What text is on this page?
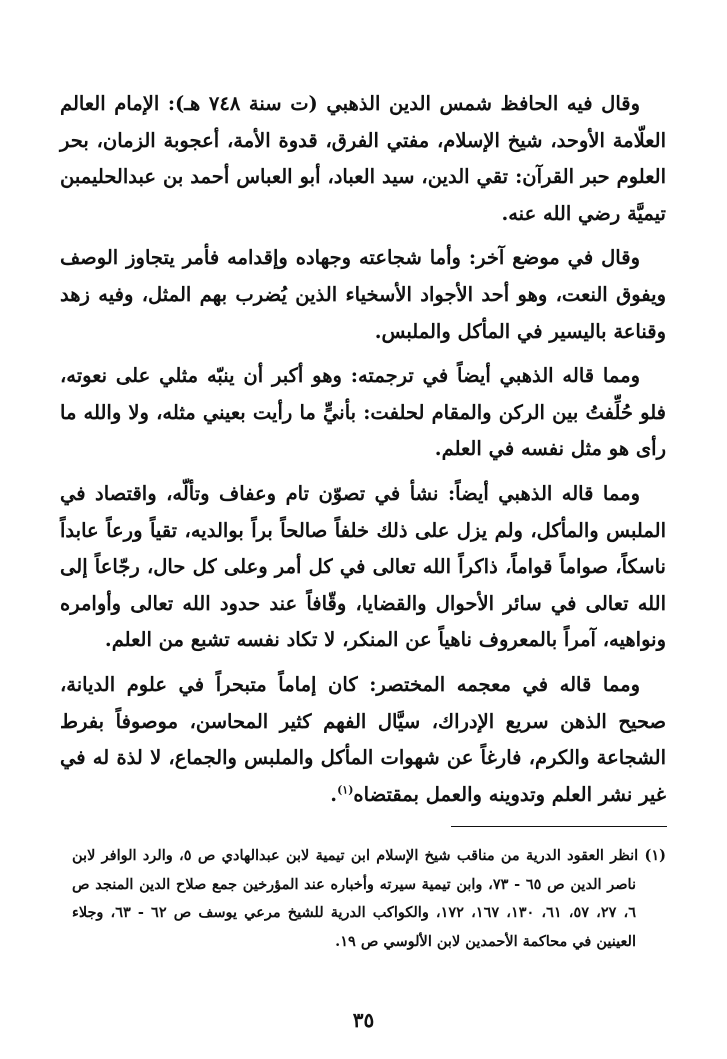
وقال فيه الحافظ شمس الدين الذهبي (ت سنة ٧٤٨ هـ): الإمام العالم العلّامة الأوحد، شيخ الإسلام، مفتي الفرق، قدوة الأمة، أعجوبة الزمان، بحر العلوم حبر القرآن: تقي الدين، سيد العباد، أبو العباس أحمد بن عبدالحليمبن تيميَّة رضي الله عنه.

وقال في موضع آخر: وأما شجاعته وجهاده وإقدامه فأمر يتجاوز الوصف ويفوق النعت، وهو أحد الأجواد الأسخياء الذين يُضرب بهم المثل، وفيه زهد وقناعة باليسير في المأكل والملبس.

ومما قاله الذهبي أيضاً في ترجمته: وهو أكبر أن ينبّه مثلي على نعوته، فلو حُلِّفتُ بين الركن والمقام لحلفت: بأنيٍّ ما رأيت بعيني مثله، ولا والله ما رأى هو مثل نفسه في العلم.

ومما قاله الذهبي أيضاً: نشأ في تصوّن تام وعفاف وتألّه، واقتصاد في الملبس والمأكل، ولم يزل على ذلك خلفاً صالحاً براً بوالديه، تقياً ورعاً عابداً ناسكاً، صواماً قواماً، ذاكراً الله تعالى في كل أمر وعلى كل حال، رجّاعاً إلى الله تعالى في سائر الأحوال والقضايا، وقّافاً عند حدود الله تعالى وأوامره ونواهيه، آمراً بالمعروف ناهياً عن المنكر، لا تكاد نفسه تشبع من العلم.

ومما قاله في معجمه المختصر: كان إماماً متبحراً في علوم الديانة، صحيح الذهن سريع الإدراك، سيَّال الفهم كثير المحاسن، موصوفاً بفرط الشجاعة والكرم، فارغاً عن شهوات المأكل والملبس والجماع، لا لذة له في غير نشر العلم وتدوينه والعمل بمقتضاه$^{(١)}$.

(١) انظر العقود الدرية من مناقب شيخ الإسلام ابن تيمية لابن عبدالهادي ص ٥، والرد الوافر لابن ناصر الدين ص ٦٥ - ٧٣، وابن تيمية سيرته وأخباره عند المؤرخين جمع صلاح الدين المنجد ص ٦، ٢٧، ٥٧، ٦١، ١٣٠، ١٦٧، ١٧٢، والكواكب الدرية للشيخ مرعي يوسف ص ٦٢ - ٦٣، وجلاء العينين في محاكمة الأحمدين لابن الألوسي ص ١٩.

٣٥
